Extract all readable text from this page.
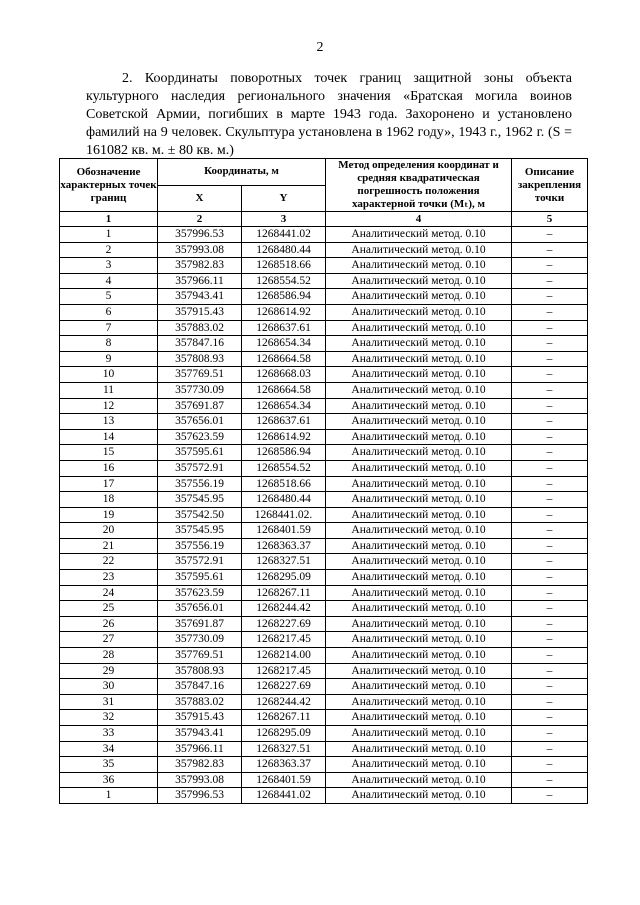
2

2. Координаты поворотных точек границ защитной зоны объекта культурного наследия регионального значения «Братская могила воинов Советской Армии, погибших в марте 1943 года. Захоронено и установлено фамилий на 9 человек. Скульптура установлена в 1962 году», 1943 г., 1962 г. (S = 161082 кв. м. ± 80 кв. м.)

Обозначение характерных точек границ	Координаты, м		Метод определения координат и средняя квадратическая погрешность положения характерной точки (Mₜ), м	Описание закрепления точки
	X	Y		
1	2	3	4	5
1	357996.53	1268441.02	Аналитический метод. 0.10	–
2	357993.08	1268480.44	Аналитический метод. 0.10	–
3	357982.83	1268518.66	Аналитический метод. 0.10	–
4	357966.11	1268554.52	Аналитический метод. 0.10	–
5	357943.41	1268586.94	Аналитический метод. 0.10	–
6	357915.43	1268614.92	Аналитический метод. 0.10	–
7	357883.02	1268637.61	Аналитический метод. 0.10	–
8	357847.16	1268654.34	Аналитический метод. 0.10	–
9	357808.93	1268664.58	Аналитический метод. 0.10	–
10	357769.51	1268668.03	Аналитический метод. 0.10	–
11	357730.09	1268664.58	Аналитический метод. 0.10	–
12	357691.87	1268654.34	Аналитический метод. 0.10	–
13	357656.01	1268637.61	Аналитический метод. 0.10	–
14	357623.59	1268614.92	Аналитический метод. 0.10	–
15	357595.61	1268586.94	Аналитический метод. 0.10	–
16	357572.91	1268554.52	Аналитический метод. 0.10	–
17	357556.19	1268518.66	Аналитический метод. 0.10	–
18	357545.95	1268480.44	Аналитический метод. 0.10	–
19	357542.50	1268441.02.	Аналитический метод. 0.10	–
20	357545.95	1268401.59	Аналитический метод. 0.10	–
21	357556.19	1268363.37	Аналитический метод. 0.10	–
22	357572.91	1268327.51	Аналитический метод. 0.10	–
23	357595.61	1268295.09	Аналитический метод. 0.10	–
24	357623.59	1268267.11	Аналитический метод. 0.10	–
25	357656.01	1268244.42	Аналитический метод. 0.10	–
26	357691.87	1268227.69	Аналитический метод. 0.10	–
27	357730.09	1268217.45	Аналитический метод. 0.10	–
28	357769.51	1268214.00	Аналитический метод. 0.10	–
29	357808.93	1268217.45	Аналитический метод. 0.10	–
30	357847.16	1268227.69	Аналитический метод. 0.10	–
31	357883.02	1268244.42	Аналитический метод. 0.10	–
32	357915.43	1268267.11	Аналитический метод. 0.10	–
33	357943.41	1268295.09	Аналитический метод. 0.10	–
34	357966.11	1268327.51	Аналитический метод. 0.10	–
35	357982.83	1268363.37	Аналитический метод. 0.10	–
36	357993.08	1268401.59	Аналитический метод. 0.10	–
1	357996.53	1268441.02	Аналитический метод. 0.10	–
